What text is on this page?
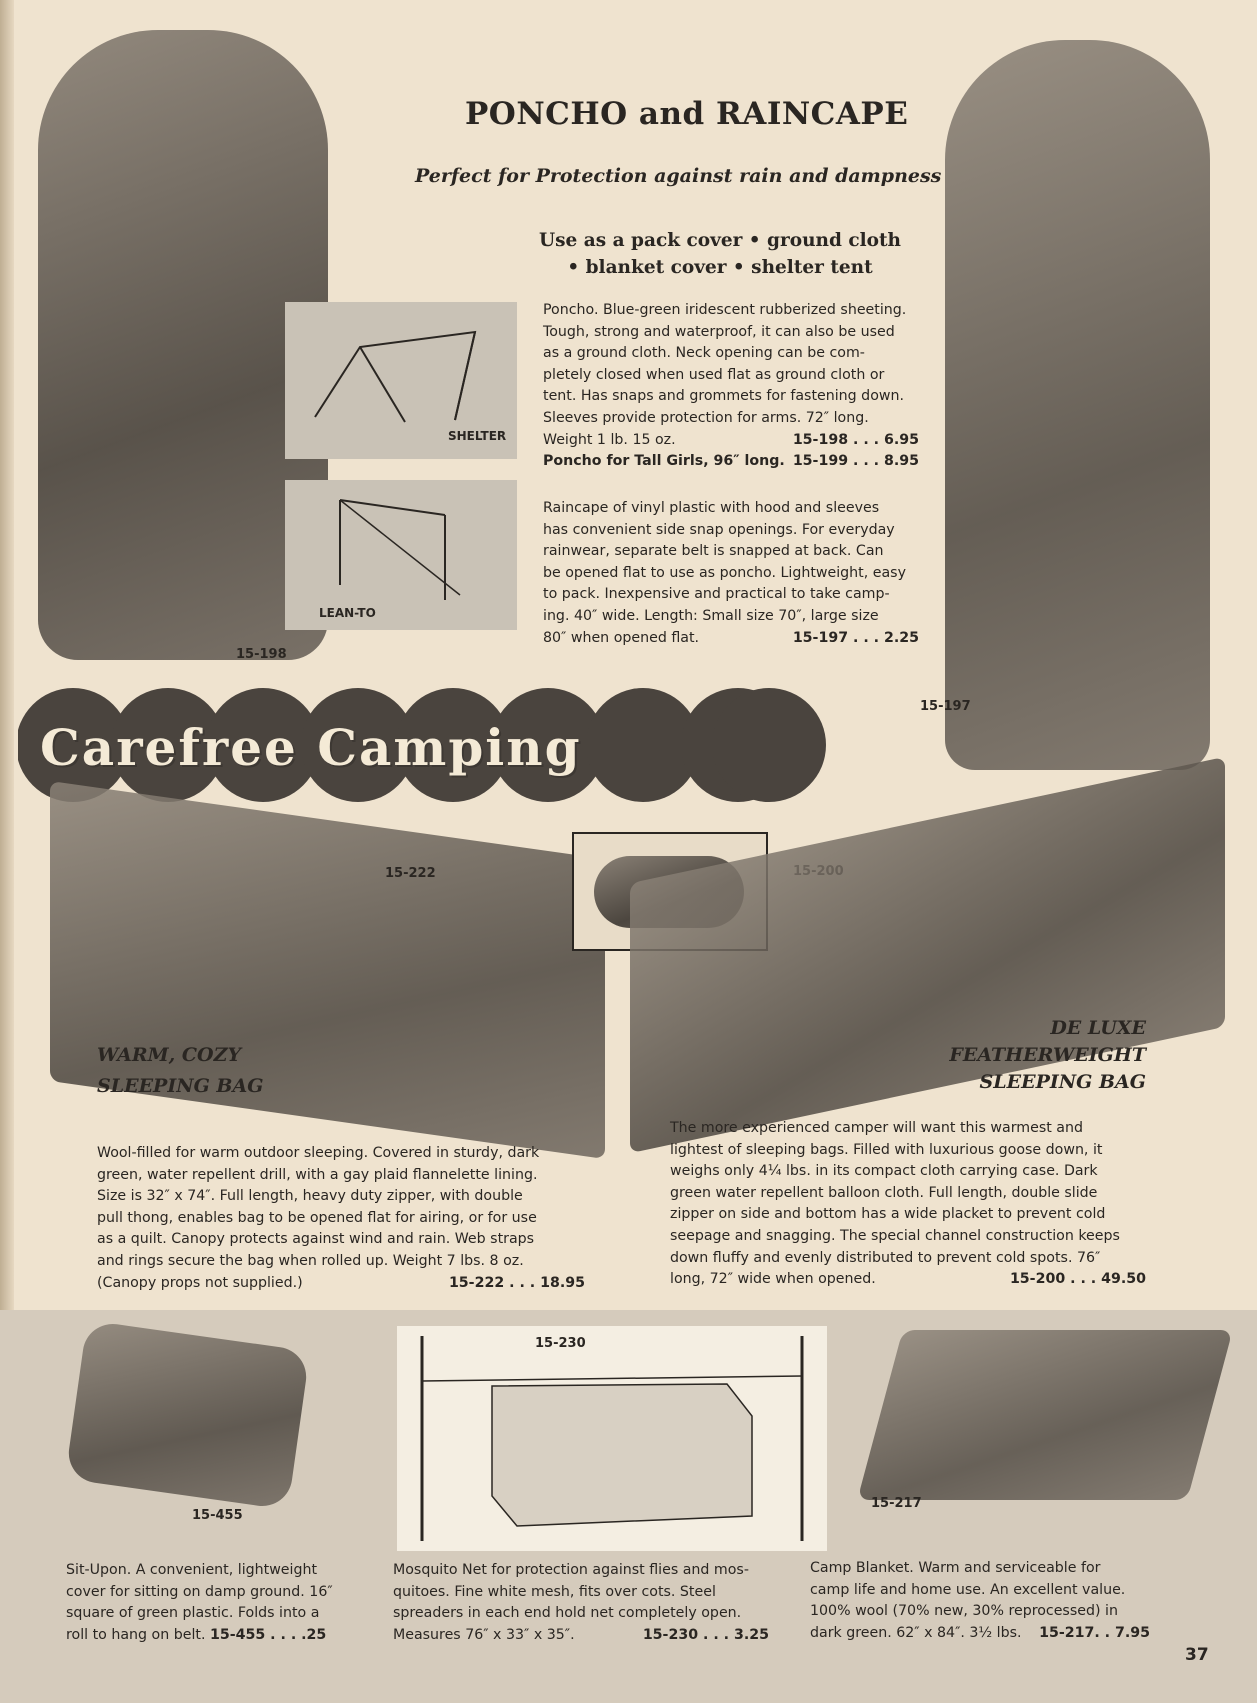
PONCHO and RAINCAPE
Perfect for Protection against rain and dampness
Use as a pack cover • ground cloth
• blanket cover • shelter tent
15-198
SHELTER
LEAN-TO
Poncho. Blue-green iridescent rubberized sheeting.
Tough, strong and waterproof, it can also be used
as a ground cloth. Neck opening can be com-
pletely closed when used flat as ground cloth or
tent. Has snaps and grommets for fastening down.
Sleeves provide protection for arms. 72″ long.
Weight 1 lb. 15 oz.	15-198 . . . 6.95
Poncho for Tall Girls, 96″ long. 15-199 . . . 8.95
Raincape of vinyl plastic with hood and sleeves
has convenient side snap openings. For everyday
rainwear, separate belt is snapped at back. Can
be opened flat to use as poncho. Lightweight, easy
to pack. Inexpensive and practical to take camp-
ing. 40″ wide. Length: Small size 70″, large size
80″ when opened flat.	15-197 . . . 2.25
15-197
Carefree Camping
15-222
WARM, COZY
SLEEPING BAG
DE LUXE
FEATHERWEIGHT
SLEEPING BAG
Wool-filled for warm outdoor sleeping. Covered in sturdy, dark
green, water repellent drill, with a gay plaid flannelette lining.
Size is 32″ x 74″. Full length, heavy duty zipper, with double
pull thong, enables bag to be opened flat for airing, or for use
as a quilt. Canopy protects against wind and rain. Web straps
and rings secure the bag when rolled up. Weight 7 lbs. 8 oz.
(Canopy props not supplied.)	15-222 . . . 18.95
The more experienced camper will want this warmest and
lightest of sleeping bags. Filled with luxurious goose down, it
weighs only 4¼ lbs. in its compact cloth carrying case. Dark
green water repellent balloon cloth. Full length, double slide
zipper on side and bottom has a wide placket to prevent cold
seepage and snagging. The special channel construction keeps
down fluffy and evenly distributed to prevent cold spots. 76″
long, 72″ wide when opened.	15-200 . . . 49.50
15-455
15-230
15-217
Sit-Upon. A convenient, lightweight
cover for sitting on damp ground. 16″
square of green plastic. Folds into a
roll to hang on belt. 15-455 . . . .25
Mosquito Net for protection against flies and mos-
quitoes. Fine white mesh, fits over cots. Steel
spreaders in each end hold net completely open.
Measures 76″ x 33″ x 35″.	15-230 . . . 3.25
Camp Blanket. Warm and serviceable for
camp life and home use. An excellent value.
100% wool (70% new, 30% reprocessed) in
dark green. 62″ x 84″. 3½ lbs. 15-217. . 7.95
37
